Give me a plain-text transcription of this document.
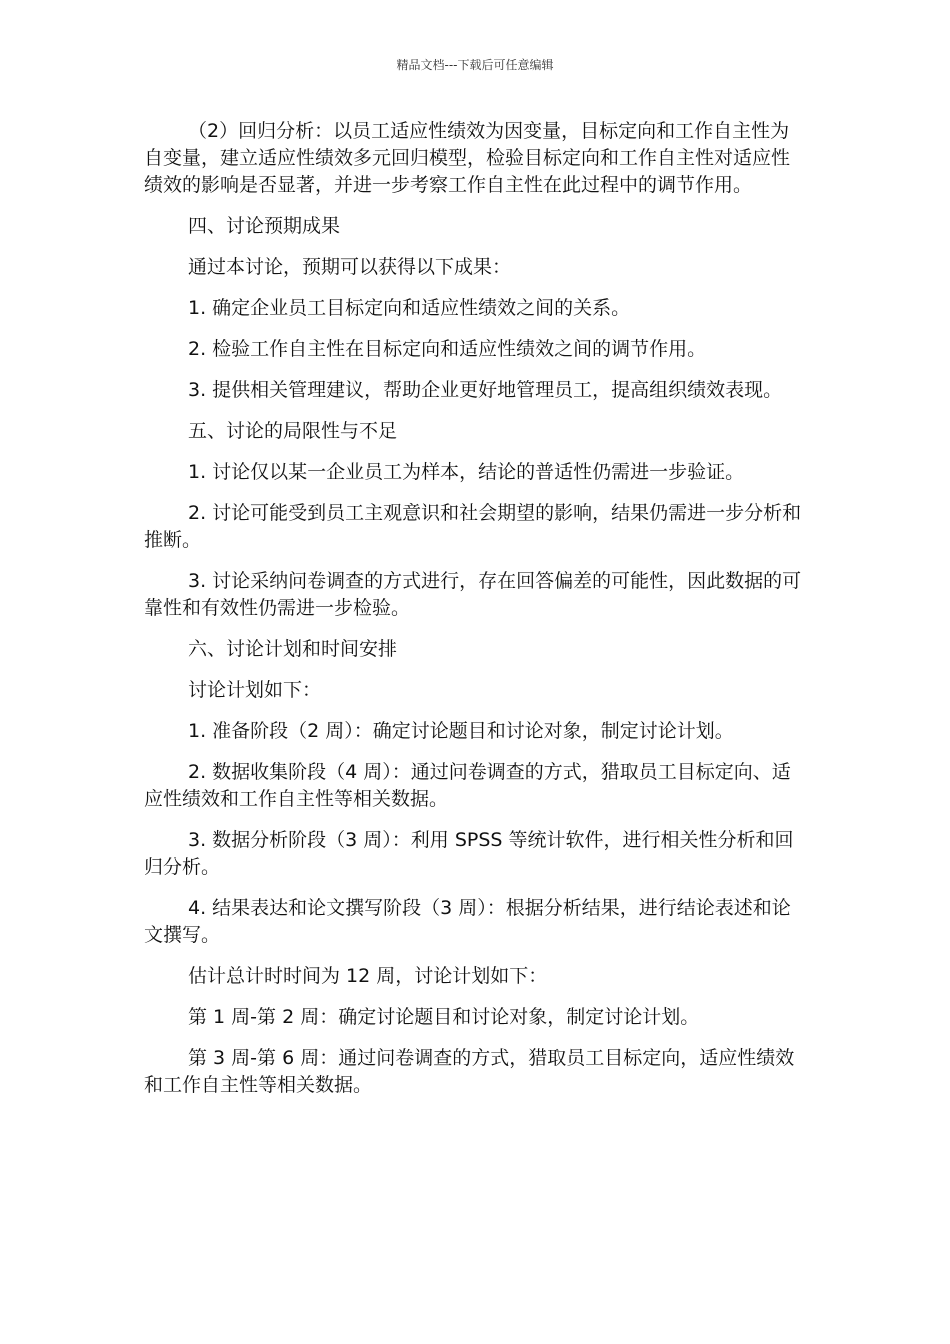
精品文档---下载后可任意编辑

（2）回归分析：以员工适应性绩效为因变量，目标定向和工作自主性为自变量，建立适应性绩效多元回归模型，检验目标定向和工作自主性对适应性绩效的影响是否显著，并进一步考察工作自主性在此过程中的调节作用。

四、讨论预期成果

通过本讨论，预期可以获得以下成果：

1. 确定企业员工目标定向和适应性绩效之间的关系。

2. 检验工作自主性在目标定向和适应性绩效之间的调节作用。

3. 提供相关管理建议，帮助企业更好地管理员工，提高组织绩效表现。

五、讨论的局限性与不足

1. 讨论仅以某一企业员工为样本，结论的普适性仍需进一步验证。

2. 讨论可能受到员工主观意识和社会期望的影响，结果仍需进一步分析和推断。

3. 讨论采纳问卷调查的方式进行，存在回答偏差的可能性，因此数据的可靠性和有效性仍需进一步检验。

六、讨论计划和时间安排

讨论计划如下：

1. 准备阶段（2 周）：确定讨论题目和讨论对象，制定讨论计划。

2. 数据收集阶段（4 周）：通过问卷调查的方式，猎取员工目标定向、适应性绩效和工作自主性等相关数据。

3. 数据分析阶段（3 周）：利用 SPSS 等统计软件，进行相关性分析和回归分析。

4. 结果表达和论文撰写阶段（3 周）：根据分析结果，进行结论表述和论文撰写。

估计总计时时间为 12 周，讨论计划如下：

第 1 周-第 2 周：确定讨论题目和讨论对象，制定讨论计划。

第 3 周-第 6 周：通过问卷调查的方式，猎取员工目标定向，适应性绩效和工作自主性等相关数据。
